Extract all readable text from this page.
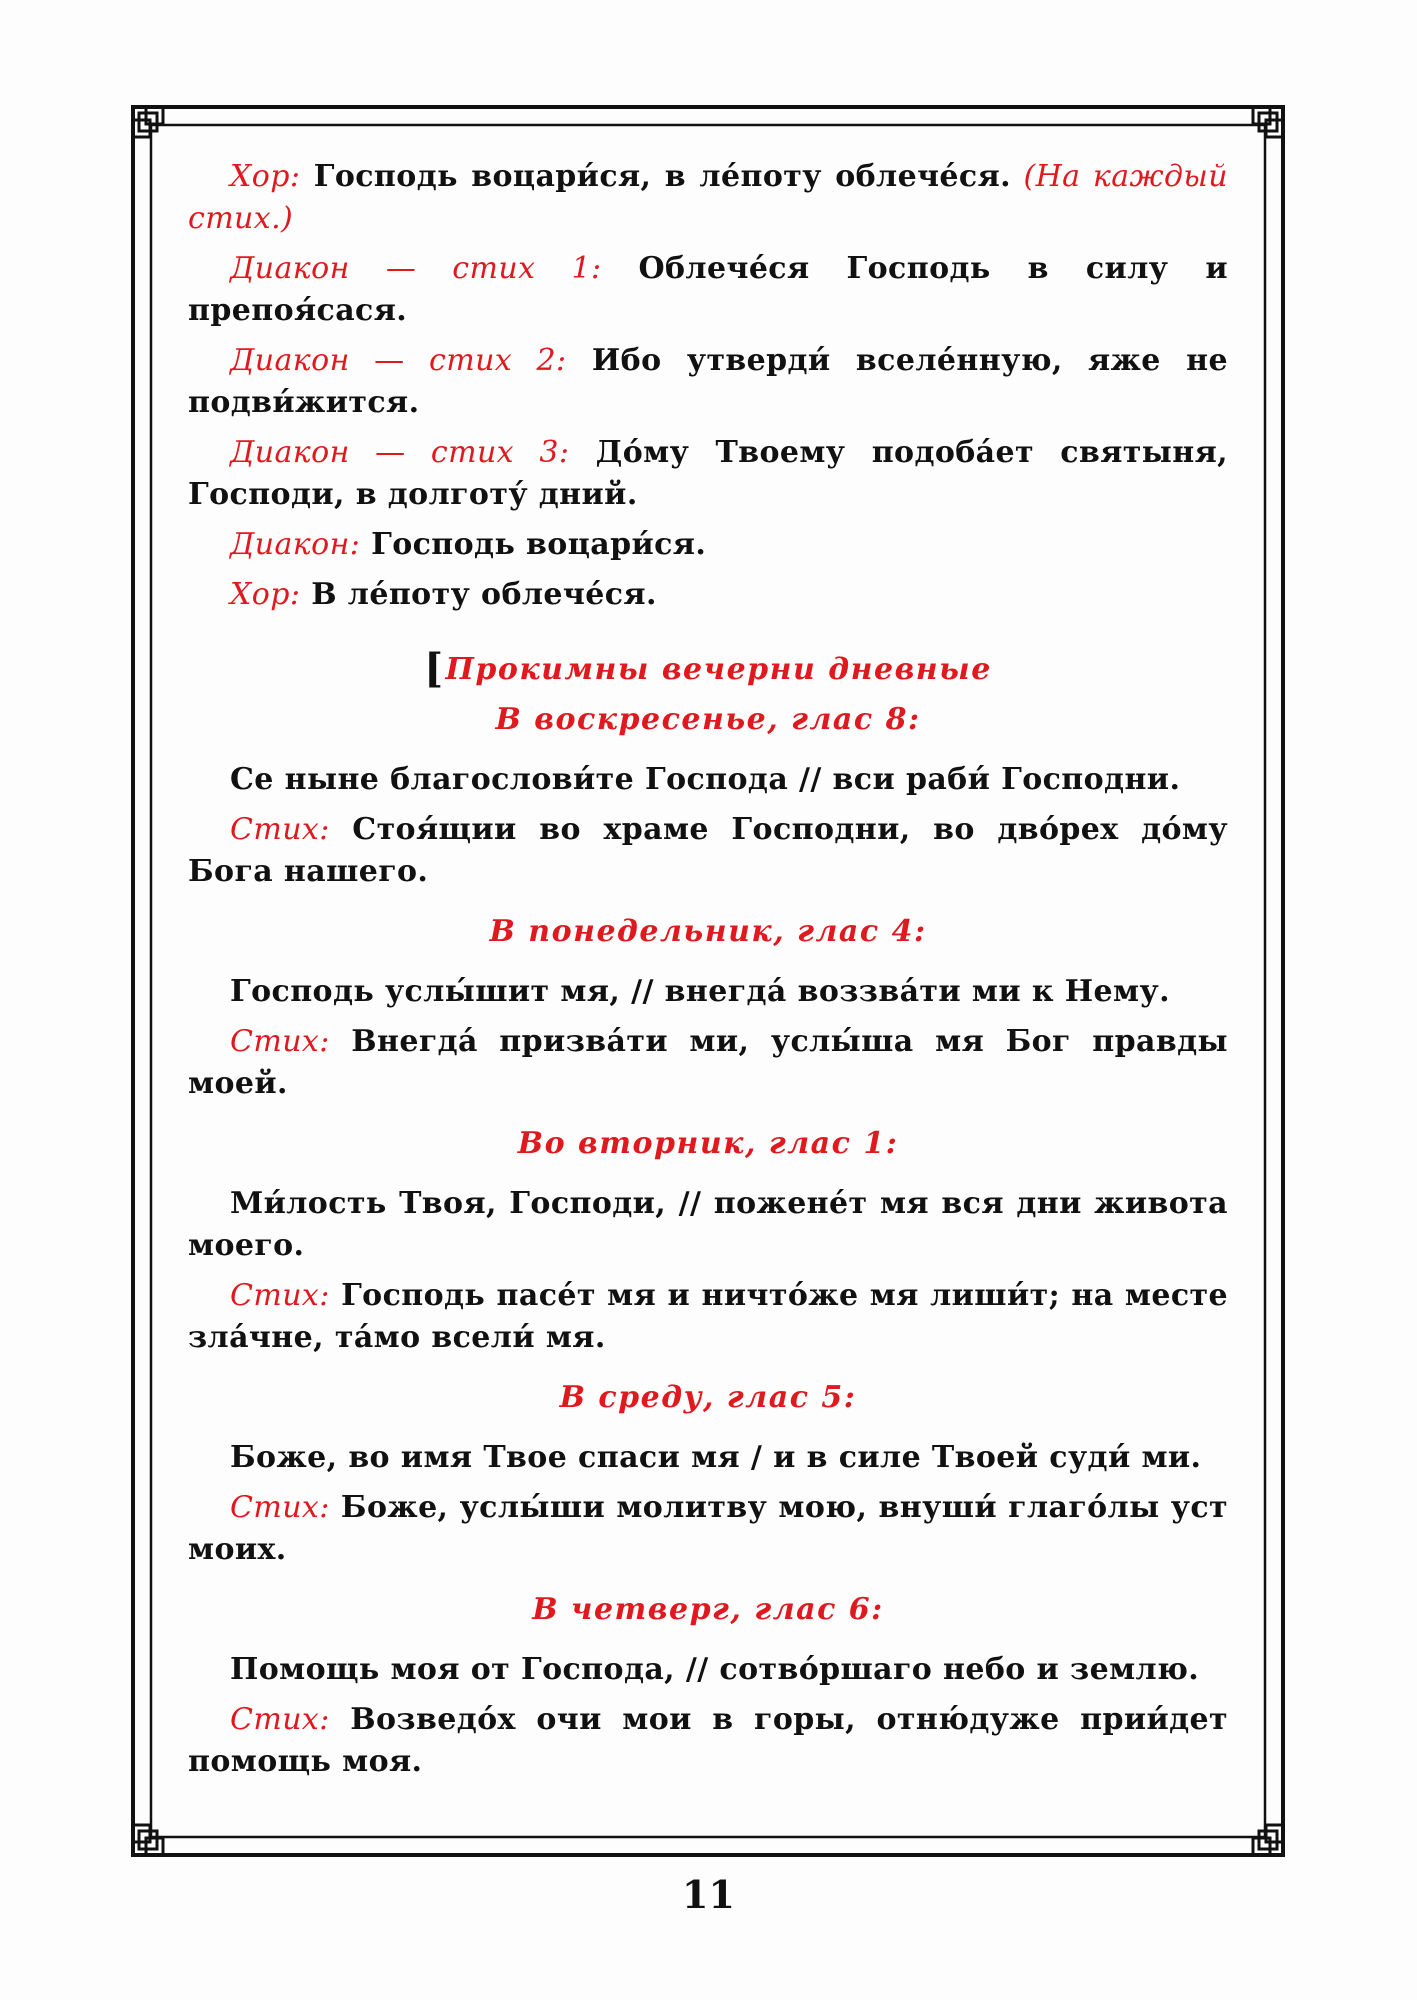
Хор: Господь воцари́ся, в ле́поту облече́ся. (На каждый стих.)

Диакон — стих 1: Облече́ся Господь в силу и препоя́сася.

Диакон — стих 2: Ибо утверди́ вселе́нную, яже не подви́жится.

Диакон — стих 3: До́му Твоему подоба́ет святыня, Господи, в долготу́ дний.

Диакон: Господь воцари́ся.

Хор: В ле́поту облече́ся.

[Прокимны вечерни дневные

В воскресенье, глас 8:

Се ныне благослови́те Господа // вси раби́ Господни.

Стих: Стоя́щии во храме Господни, во дво́рех до́му Бога нашего.

В понедельник, глас 4:

Господь услы́шит мя, // внегда́ воззва́ти ми к Нему.

Стих: Внегда́ призва́ти ми, услы́ша мя Бог правды моей.

Во вторник, глас 1:

Ми́лость Твоя, Господи, // пожене́т мя вся дни живота моего.

Стих: Господь пасе́т мя и ничто́же мя лиши́т; на месте зла́чне, та́мо всели́ мя.

В среду, глас 5:

Боже, во имя Твое спаси мя / и в силе Твоей суди́ ми.

Стих: Боже, услы́ши молитву мою, внуши́ глаго́лы уст моих.

В четверг, глас 6:

Помощь моя от Господа, // сотво́ршаго небо и землю.

Стих: Возведо́х очи мои в горы, отню́дуже прии́дет помощь моя.

11
